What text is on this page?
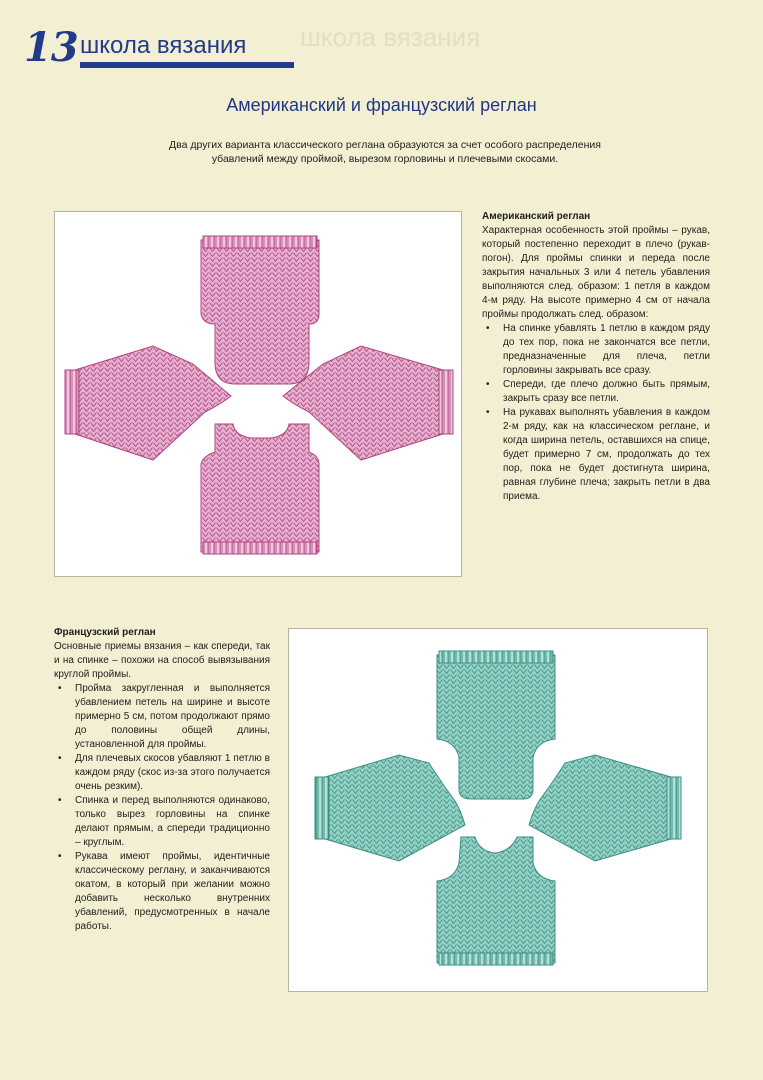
школа вязания
13 школа вязания
Американский и французский реглан

Два других варианта классического реглана образуются за счет особого распределения убавлений между проймой, вырезом горловины и плечевыми скосами.

Американский реглан

Характерная особенность этой проймы – рукав, который постепенно переходит в плечо (рукав-погон). Для проймы спинки и переда после закрытия начальных 3 или 4 петель убавления выполняются след. образом: 1 петля в каждом 4-м ряду. На высоте примерно 4 см от начала проймы продолжать след. образом:

• На спинке убавлять 1 петлю в каждом ряду до тех пор, пока не закончатся все петли, предназначенные для плеча, петли горловины закрывать все сразу.
• Спереди, где плечо должно быть прямым, закрыть сразу все петли.
• На рукавах выполнять убавления в каждом 2-м ряду, как на классическом реглане, и когда ширина петель, оставшихся на спице, будет примерно 7 см, продолжать до тех пор, пока не будет достигнута ширина, равная глубине плеча; закрыть петли в два приема.
Французский реглан

Основные приемы вязания – как спереди, так и на спинке – похожи на способ вывязывания круглой проймы.

• Пройма закругленная и выполняется убавлением петель на ширине и высоте примерно 5 см, потом продолжают прямо до половины общей длины, установленной для проймы.
• Для плечевых скосов убавляют 1 петлю в каждом ряду (скос из-за этого получается очень резким).
• Спинка и перед выполняются одинаково, только вырез горловины на спинке делают прямым, а спереди традиционно – круглым.
• Рукава имеют проймы, идентичные классическому реглану, и заканчиваются окатом, в который при желании можно добавить несколько внутренних убавлений, предусмотренных в начале работы.
